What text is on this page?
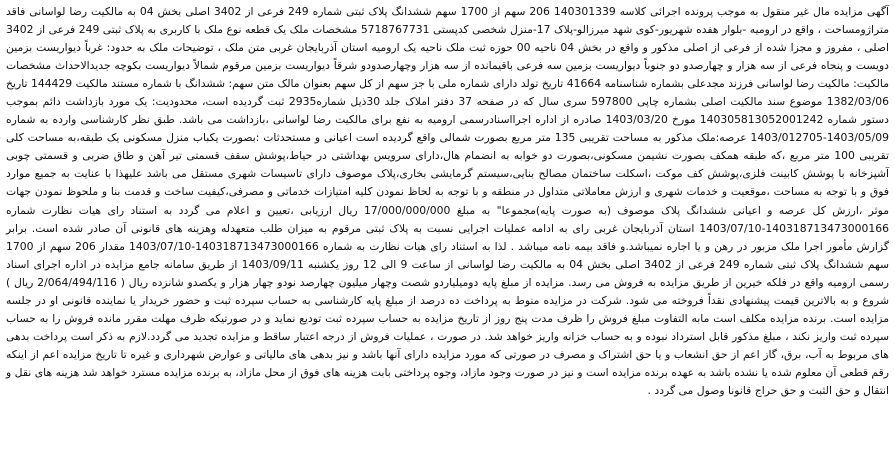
آگهی مزایده مال غیر منقول به موجب پرونده اجرائی کلاسه 140301339 206 سهم از 1700 سهم ششدانگ پلاک ثبتی شماره 249 فرعی از 3402 اصلی بخش 04 به مالکیت رضا لواسانی فاقد متراژومساحت ، واقع در ارومیه -بلوار هفده شهریور-کوی شهد میرزالو-پلاک 17-منزل شخصی کدپستی 5718767731 مشخصات ملک یک قطعه نوع ملک با کاربری به پلاک ثبتی 249 فرعی از 3402 اصلی ، مفروز و مجزا شده از فرعی از اصلی مذکور و واقع در بخش 04 ناحیه 00 حوزه ثبت ملک ناحیه یک ارومیه استان آذربایجان غربی متن ملک ، توضیحات ملک به حدود: غرباً دیواریست بزمین دویست و پنجاه فرعی از سه هزار و چهارصدو دو جنوباً دیواریست بزمین سه فرعی باقیمانده از سه هزار وچهارصدودو شرقاً دیواریست بزمین مرقوم شمالاً دیواریست بکوچه جدیدالاحداث مشخصات مالکیت: مالکیت رضا لواسانی فرزند مجدعلی بشماره شناسنامه 41664 تاریخ تولد دارای شماره ملی با جز سهم از کل سهم بعنوان مالک متن سهم: ششدانگ با شماره مستند مالکیت 144429 تاریخ 1382/03/06 موضوع سند مالکیت اصلی بشماره چاپی 597800 سری سال که در صفحه 37 دفتر املاک جلد 30ذیل شماره2935 ثبت گردیده است، محدودیت: یک مورد بازداشت دائم بموجب دستور شماره 140305813052001242 مورخ 1403/03/20 صادره از اداره اجرااسنادرسمی ارومیه به نفع برای مالکیت رضا لواسانی ،بازداشت می باشد. طبق نظر کارشناسی وارده به شماره 1403/05/09-1403/012705 عرصه:ملک مذکور به مساحت تقریبی 135 متر مربع بصورت شمالی واقع گردیده است اعیانی و مستحدثات :بصورت یکباب منزل مسکونی یک طبقه،به مساحت کلی تقریبی 100 متر مربع ،که طبقه همکف بصورت نشیمن مسکونی،بصورت دو خوابه به انضمام هال،دارای سرویس بهداشتی در حیاط،پوشش سقف قسمتی تیر آهن و طاق ضربی و قسمتی چوبی آشپزخانه با پوشش کابینت فلزی،پوشش کف موکت ،اسکلت ساختمان مصالح بنایی،سیستم گرمایشی بخاری،پلاک موصوف دارای تاسیسات شهری مستقل می باشد علیهذا با عنایت به جمیع موارد فوق و با توجه به مساحت ،موقعیت و خدمات شهری و ارزش معاملاتی متداول در منطقه و با توجه به لحاظ نمودن کلیه امتیازات خدماتی و مصرفی،کیفیت ساخت و قدمت بنا و ملحوظ نمودن جهات موثر ،ارزش کل عرصه و اعیانی ششدانگ پلاک موصوف (به صورت پایه)مجموعا" به مبلغ 17/000/000/000 ریال ارزیابی ،تعیین و اعلام می گردد به استناد رای هیات نظارت شماره 140318713473000166-1403/07/10 استان آذربایجان غربی رای به ادامه عملیات اجرایی نسبت به پلاک ثبتی مرقوم به میزان طلب متعهدله وهزینه های قانونی آن صادر شده است. برابر گزارش مأمور اجرا ملک مزبور در رهن و یا اجاره نمیباشد.و فاقد بیمه نامه میباشد . لذا به استناد رای هیات نظارت به شماره 140318713473000166-1403/07/10 مقدار 206 سهم از 1700 سهم ششدانگ پلاک ثبتی شماره 249 فرعی از 3402 اصلی بخش 04 به مالکیت رضا لواسانی از ساعت 9 الی 12 روز یکشنبه 1403/09/11 از طریق سامانه جامع مزایده در اداره اجرای اسناد رسمی ارومیه واقع در فلکه خیرین از طریق مزایده به فروش می رسد. مزایده از مبلغ پایه دومیلیاردو شصت وچهار میلیون چهارصد نودو چهار هزار و یکصدو شانزده ریال ( 2/064/494/116 ریال ) شروع و به بالاترین قیمت پیشنهادی نقداً فروخته می شود. شرکت در مزایده منوط به پرداخت ده درصد از مبلغ پایه کارشناسی به حساب سپرده ثبت و حضور خریدار یا نماینده قانونی او در جلسه مزایده است. برنده مزایده مکلف است مابه التفاوت مبلغ فروش را ظرف مدت پنج روز از تاریخ مزایده به حساب سپرده ثبت تودیع نماید و در صورتیکه ظرف مهلت مقرر مانده فروش را به حساب سپرده ثبت واریز نکند ، مبلغ مذکور قابل استرداد نبوده و به حساب خزانه واریز خواهد شد. در صورت ، عملیات فروش از درجه اعتبار ساقط و مزایده تجدید می گردد.لازم به ذکر است پرداخت بدهی های مربوط به آب، برق، گاز اعم از حق انشعاب و یا حق اشتراک و مصرف در صورتی که مورد مزایده دارای آنها باشد و نیز بدهی های مالیاتی و عوارض شهرداری و غیره تا تاریخ مزایده اعم از اینکه رقم قطعی آن معلوم شده یا نشده باشد به عهده برنده مزایده است و نیز در صورت وجود مازاد، وجوه پرداختی بابت هزینه های فوق از محل مازاد، به برنده مزایده مسترد خواهد شد هزینه های نقل و انتقال و حق الثبت و حق حراج قانونا وصول می گردد .
